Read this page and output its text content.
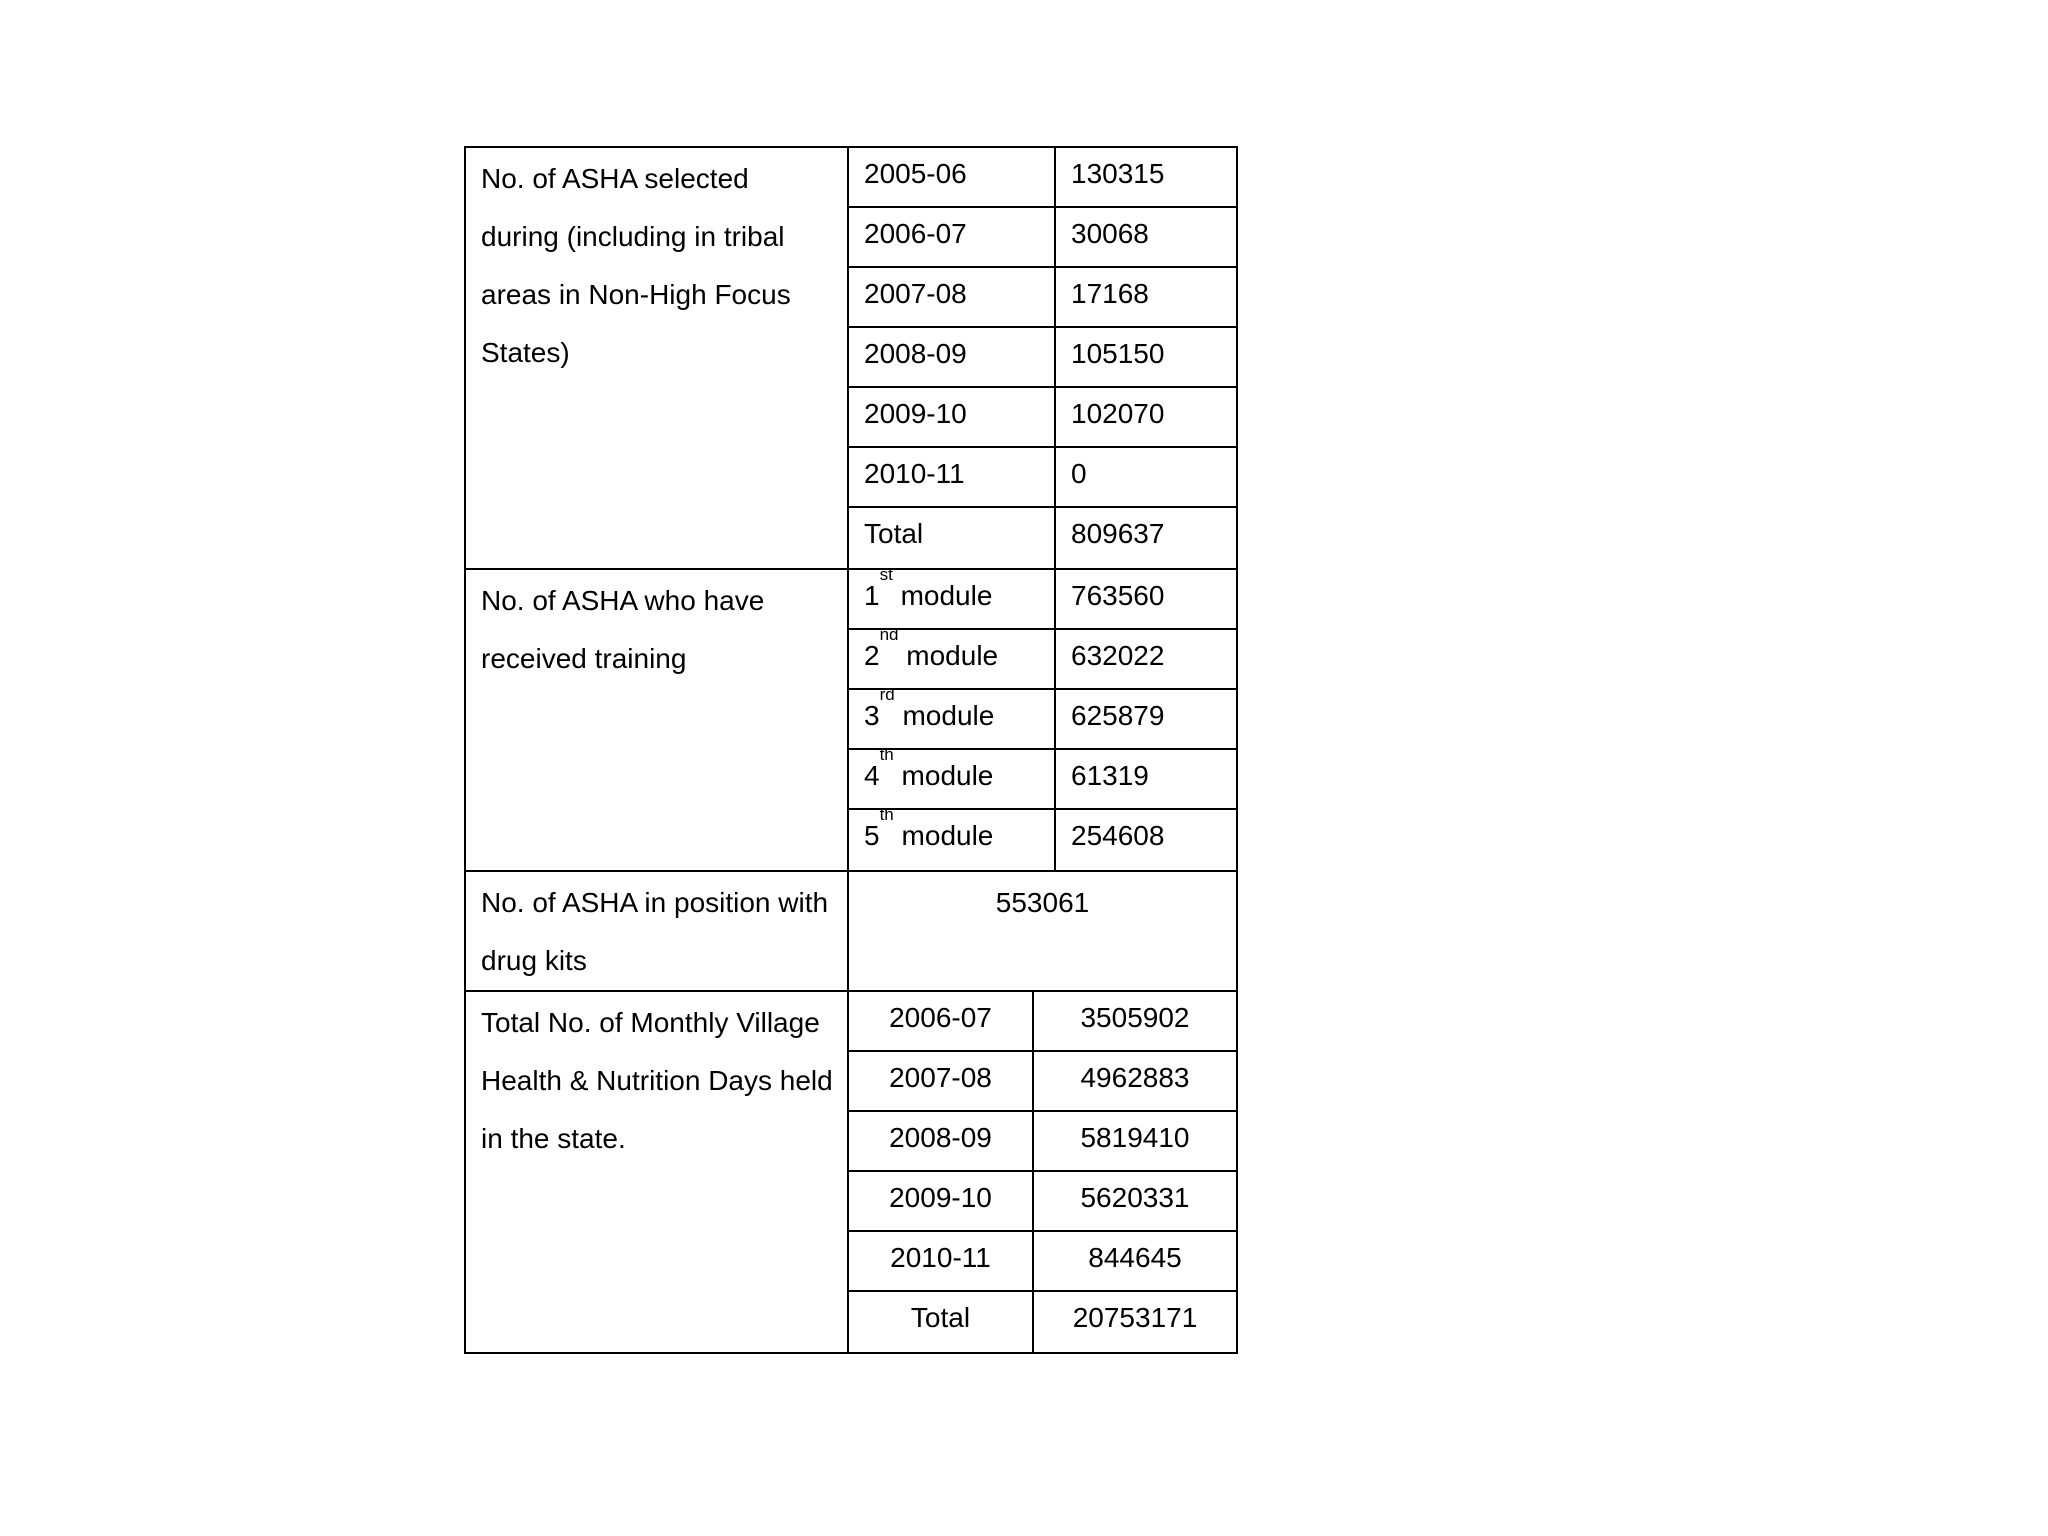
No. of ASHA selected during (including in tribal areas in Non-High Focus States)
2005-06	130315
2006-07	30068
2007-08	17168
2008-09	105150
2009-10	102070
2010-11	0
Total	809637
No. of ASHA who have received training
1st module	763560
2nd module	632022
3rd module	625879
4th module	61319
5th module	254608
No. of ASHA in position with drug kits
553061
Total No. of Monthly Village Health & Nutrition Days held in the state.
2006-07	3505902
2007-08	4962883
2008-09	5819410
2009-10	5620331
2010-11	844645
Total	20753171
